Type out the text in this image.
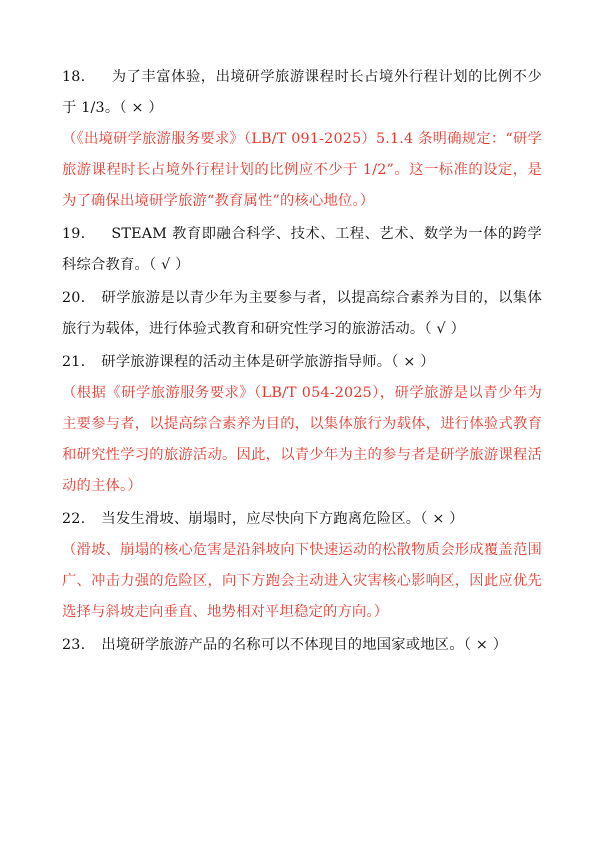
18. 为了丰富体验，出境研学旅游课程时长占境外行程计划的比例不少于 1/3。（ × ）

（《出境研学旅游服务要求》（LB/T 091-2025）5.1.4 条明确规定：“研学旅游课程时长占境外行程计划的比例应不少于 1/2”。这一标准的设定，是为了确保出境研学旅游“教育属性”的核心地位。）

19. STEAM 教育即融合科学、技术、工程、艺术、数学为一体的跨学科综合教育。（ √ ）

20. 研学旅游是以青少年为主要参与者，以提高综合素养为目的，以集体旅行为载体，进行体验式教育和研究性学习的旅游活动。（ √ ）

21. 研学旅游课程的活动主体是研学旅游指导师。（ × ）

（根据《研学旅游服务要求》（LB/T 054-2025），研学旅游是以青少年为主要参与者，以提高综合素养为目的，以集体旅行为载体，进行体验式教育和研究性学习的旅游活动。因此，以青少年为主的参与者是研学旅游课程活动的主体。）

22. 当发生滑坡、崩塌时，应尽快向下方跑离危险区。（ × ）

（滑坡、崩塌的核心危害是沿斜坡向下快速运动的松散物质会形成覆盖范围广、冲击力强的危险区，向下方跑会主动进入灾害核心影响区，因此应优先选择与斜坡走向垂直、地势相对平坦稳定的方向。）

23. 出境研学旅游产品的名称可以不体现目的地国家或地区。（ × ）
